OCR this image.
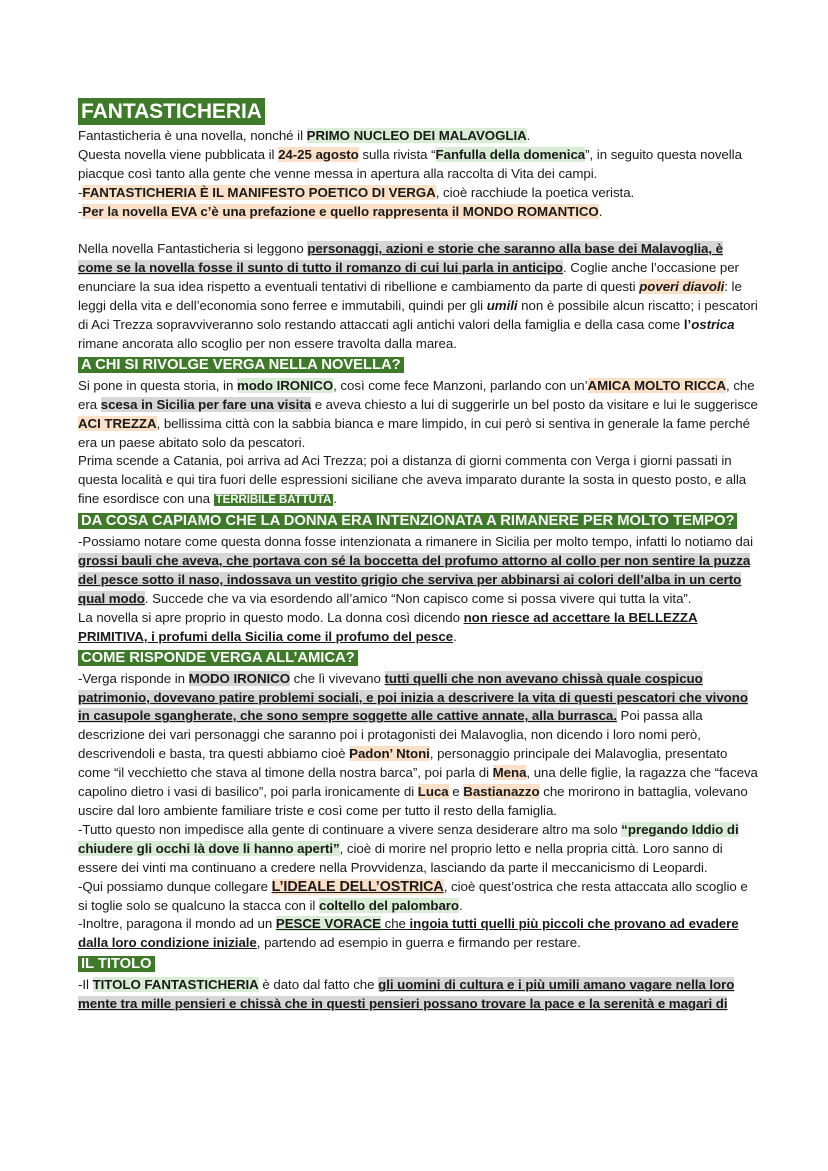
FANTASTICHERIA

Fantasticheria è una novella, nonché il PRIMO NUCLEO DEI MALAVOGLIA.

Questa novella viene pubblicata il 24-25 agosto sulla rivista “Fanfulla della domenica”, in seguito questa novella piacque così tanto alla gente che venne messa in apertura alla raccolta di Vita dei campi.

-FANTASTICHERIA È IL MANIFESTO POETICO DI VERGA, cioè racchiude la poetica verista.

-Per la novella EVA c’è una prefazione e quello rappresenta il MONDO ROMANTICO.

Nella novella Fantasticheria si leggono personaggi, azioni e storie che saranno alla base dei Malavoglia, è come se la novella fosse il sunto di tutto il romanzo di cui lui parla in anticipo. Coglie anche l’occasione per enunciare la sua idea rispetto a eventuali tentativi di ribellione e cambiamento da parte di questi poveri diavoli: le leggi della vita e dell’economia sono ferree e immutabili, quindi per gli umili non è possibile alcun riscatto; i pescatori di Aci Trezza sopravviveranno solo restando attaccati agli antichi valori della famiglia e della casa come l’ostrica rimane ancorata allo scoglio per non essere travolta dalla marea.

A CHI SI RIVOLGE VERGA NELLA NOVELLA?

Si pone in questa storia, in modo IRONICO, così come fece Manzoni, parlando con un’AMICA MOLTO RICCA, che era scesa in Sicilia per fare una visita e aveva chiesto a lui di suggerirle un bel posto da visitare e lui le suggerisce ACI TREZZA, bellissima città con la sabbia bianca e mare limpido, in cui però si sentiva in generale la fame perché era un paese abitato solo da pescatori.

Prima scende a Catania, poi arriva ad Aci Trezza; poi a distanza di giorni commenta con Verga i giorni passati in questa località e qui tira fuori delle espressioni siciliane che aveva imparato durante la sosta in questo posto, e alla fine esordisce con una TERRIBILE BATTUTA .

DA COSA CAPIAMO CHE LA DONNA ERA INTENZIONATA A RIMANERE PER MOLTO TEMPO?

-Possiamo notare come questa donna fosse intenzionata a rimanere in Sicilia per molto tempo, infatti lo notiamo dai grossi bauli che aveva, che portava con sé la boccetta del profumo attorno al collo per non sentire la puzza del pesce sotto il naso, indossava un vestito grigio che serviva per abbinarsi ai colori dell’alba in un certo qual modo. Succede che va via esordendo all’amico “Non capisco come si possa vivere qui tutta la vita”.

La novella si apre proprio in questo modo. La donna così dicendo non riesce ad accettare la BELLEZZA PRIMITIVA, i profumi della Sicilia come il profumo del pesce.

COME RISPONDE VERGA ALL’AMICA?

-Verga risponde in MODO IRONICO che lì vivevano tutti quelli che non avevano chissà quale cospicuo patrimonio, dovevano patire problemi sociali, e poi inizia a descrivere la vita di questi pescatori che vivono in casupole sgangherate, che sono sempre soggette alle cattive annate, alla burrasca. Poi passa alla descrizione dei vari personaggi che saranno poi i protagonisti dei Malavoglia, non dicendo i loro nomi però, descrivendoli e basta, tra questi abbiamo cioè Padon’ Ntoni, personaggio principale dei Malavoglia, presentato come “il vecchietto che stava al timone della nostra barca”, poi parla di Mena, una delle figlie, la ragazza che “faceva capolino dietro i vasi di basilico”, poi parla ironicamente di Luca e Bastianazzo che morirono in battaglia, volevano uscire dal loro ambiente familiare triste e così come per tutto il resto della famiglia.

-Tutto questo non impedisce alla gente di continuare a vivere senza desiderare altro ma solo “pregando Iddio di chiudere gli occhi là dove li hanno aperti”, cioè di morire nel proprio letto e nella propria città. Loro sanno di essere dei vinti ma continuano a credere nella Provvidenza, lasciando da parte il meccanicismo di Leopardi.

-Qui possiamo dunque collegare L’IDEALE DELL’OSTRICA, cioè quest’ostrica che resta attaccata allo scoglio e si toglie solo se qualcuno la stacca con il coltello del palombaro.

-Inoltre, paragona il mondo ad un PESCE VORACE che ingoia tutti quelli più piccoli che provano ad evadere dalla loro condizione iniziale, partendo ad esempio in guerra e firmando per restare.

IL TITOLO

-Il TITOLO FANTASTICHERIA è dato dal fatto che gli uomini di cultura e i più umili amano vagare nella loro mente tra mille pensieri e chissà che in questi pensieri possano trovare la pace e la serenità e magari di
